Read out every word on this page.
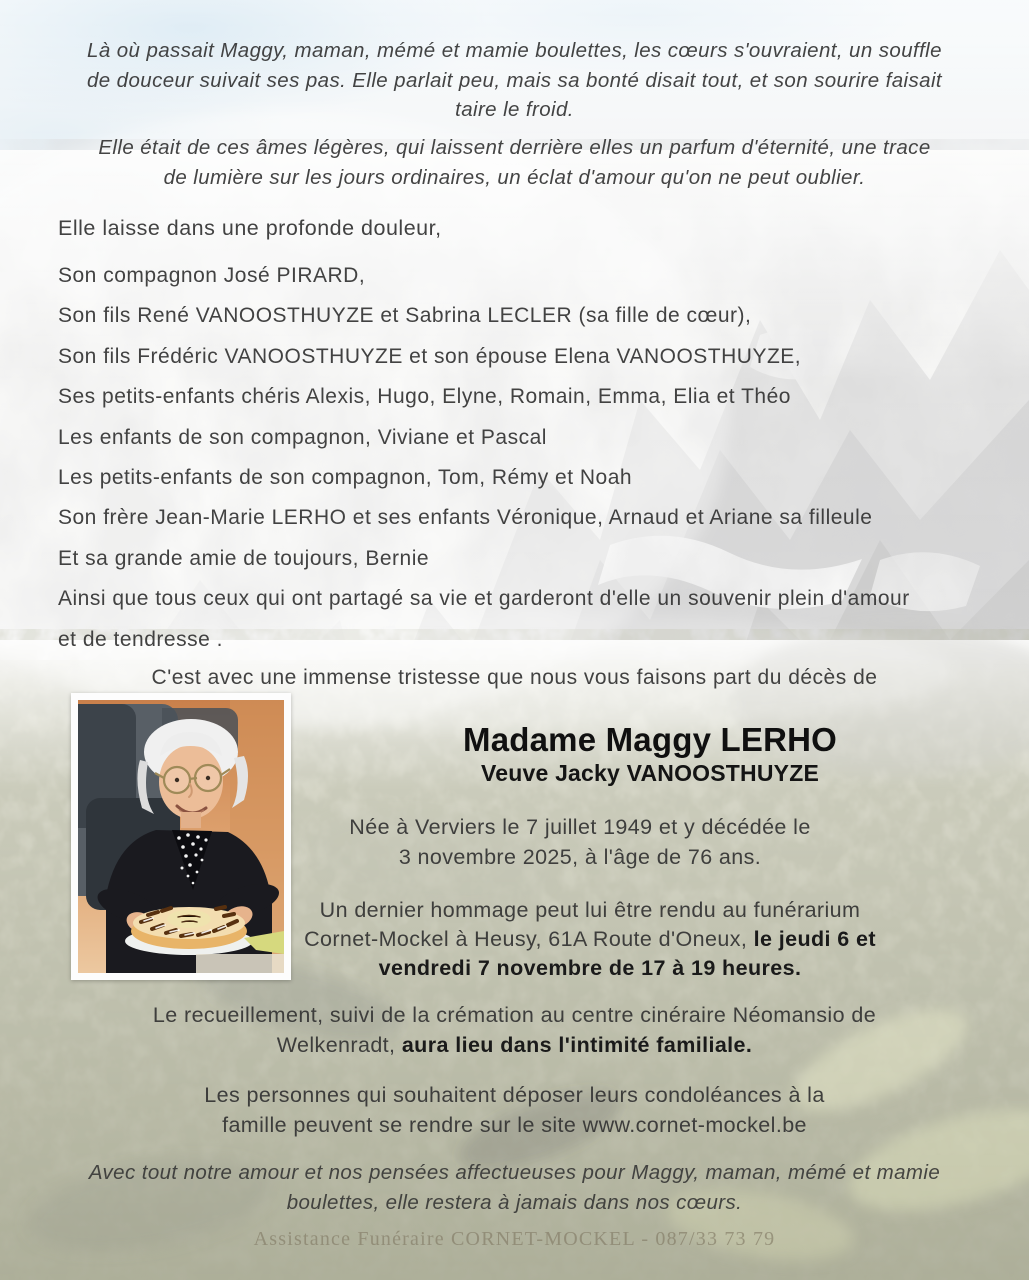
Là où passait Maggy, maman, mémé et mamie boulettes, les cœurs s'ouvraient, un souffle
de douceur suivait ses pas. Elle parlait peu, mais sa bonté disait tout, et son sourire faisait
taire le froid.
Elle était de ces âmes légères, qui laissent derrière elles un parfum d'éternité, une trace
de lumière sur les jours ordinaires, un éclat d'amour qu'on ne peut oublier.
Elle laisse dans une profonde douleur,
Son compagnon José PIRARD,
Son fils René VANOOSTHUYZE et Sabrina LECLER (sa fille de cœur),
Son fils Frédéric VANOOSTHUYZE et son épouse Elena VANOOSTHUYZE,
Ses petits-enfants chéris Alexis, Hugo, Elyne, Romain, Emma, Elia et Théo
Les enfants de son compagnon, Viviane et Pascal
Les petits-enfants de son compagnon, Tom, Rémy et Noah
Son frère Jean-Marie LERHO et ses enfants Véronique, Arnaud et Ariane sa filleule
Et sa grande amie de toujours, Bernie
Ainsi que tous ceux qui ont partagé sa vie et garderont d'elle un souvenir plein d'amour
et de tendresse .
C'est avec une immense tristesse que nous vous faisons part du décès de
Madame Maggy LERHO
Veuve Jacky VANOOSTHUYZE
Née à Verviers le 7 juillet 1949 et y décédée le
3 novembre 2025, à l'âge de 76 ans.
Un dernier hommage peut lui être rendu au funérarium
Cornet-Mockel à Heusy, 61A Route d'Oneux, le jeudi 6 et
vendredi 7 novembre de 17 à 19 heures.
Le recueillement, suivi de la crémation au centre cinéraire Néomansio de
Welkenradt, aura lieu dans l'intimité familiale.
Les personnes qui souhaitent déposer leurs condoléances à la
famille peuvent se rendre sur le site www.cornet-mockel.be
Avec tout notre amour et nos pensées affectueuses pour Maggy, maman, mémé et mamie
boulettes, elle restera à jamais dans nos cœurs.
Assistance Funéraire CORNET-MOCKEL - 087/33 73 79
